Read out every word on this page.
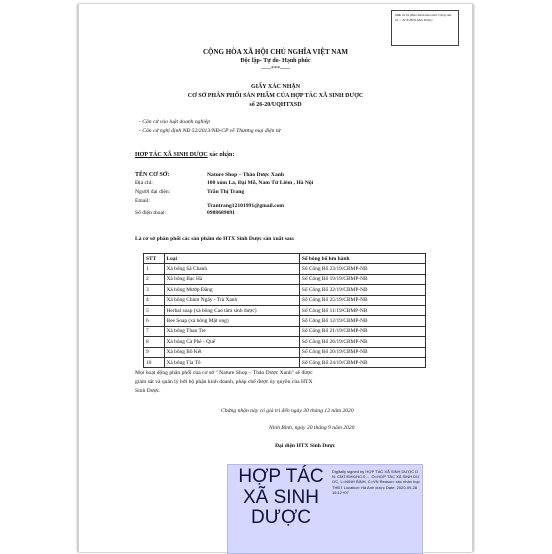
Mẫu số 01 (Ban hành kèm theo Công văn số …/SCT-HTX Sinh Dược)
CỘNG HÒA XÃ HỘI CHỦ NGHĨA VIỆT NAM
Độc lập- Tự do- Hạnh phúc
-----***-----
GIẤY XÁC NHẬN
CƠ SỞ PHÂN PHỐI SẢN PHẨM CỦA HỢP TÁC XÃ SINH DƯỢC
số 26-20/UQHTXSD
- Căn cứ vào luật doanh nghiệp
- Căn cứ nghị định NĐ 52/2013/NĐ-CP về Thương mại điện tử
HỢP TÁC XÃ SINH DƯỢC xác nhận:
TÊN CƠ SỞ:	Nature Shop – Thảo Dược Xanh
Địa chỉ:	100 xóm La, Đại Mỗ, Nam Từ Liêm , Hà Nội
Người đại diện:	Trần Thị Trang
Email:
Trantrang12101991@gmail.com
Số điện thoại:	0988689091
Là cơ sở phân phối các sản phẩm do HTX Sinh Dược sản xuất sau:
STT	Loại	Số bông bố lưu hành
1	Xà bông Sả Chanh	Số Công Bố 23/19/CBMP-NB
2	Xà bông Bạc Hà	Số Công Bố 19/19/CBMP-NB
3	Xà bông Mướp Đắng	Số Công Bố 22/19/CBMP-NB
4	Xà bông Chùm Ngây - Trà Xanh	Số Công Bố 25/19/CBMP-NB
5	Herbal soap (xà bông Cao tâm sinh dược)	Số Công Bố 11/19/CBMP-NB
6	Bee Soap (xà bông Mật ong)	Số Công Bố 12/19/CBMP-NB
7	Xà bông Than Tre	Số Công Bố 21/19/CBMP-NB
8	Xà bông Cà Phê - Quế	Số Công Bố 26/19/CBMP-NB
9	Xà bông Bồ Kết	Số Công Bố 20/19/CBMP-NB
10	Xà bông Tía Tô	Số Công Bố 24/19/CBMP-NB
Mọi hoạt động phân phối của cơ sở " Nature Shop – Thảo Dược Xanh" sẽ được
giám sát và quản lý bởi bộ phận kinh doanh, pháp chế được ủy quyền của HTX
Sinh Dược.
Chứng nhận này có giá trị đến ngày 30 tháng 12 năm 2020
Ninh Bình, ngày 20 tháng 9 năm 2020
Đại diện HTX Sinh Dược
HỢP TÁC
XÃ SINH
DƯỢC
Digitally signed by HỢP TÁC XÃ SINH DƯỢC DN: CMT/SHK/HC:0…, O=HỢP TÁC XÃ SINH DƯỢC, L=NINH BÌNH, C=VN Reason: xác nhận họp THĐT Location: Hà Anh dược Date: 2020-09-28 16:12+07
